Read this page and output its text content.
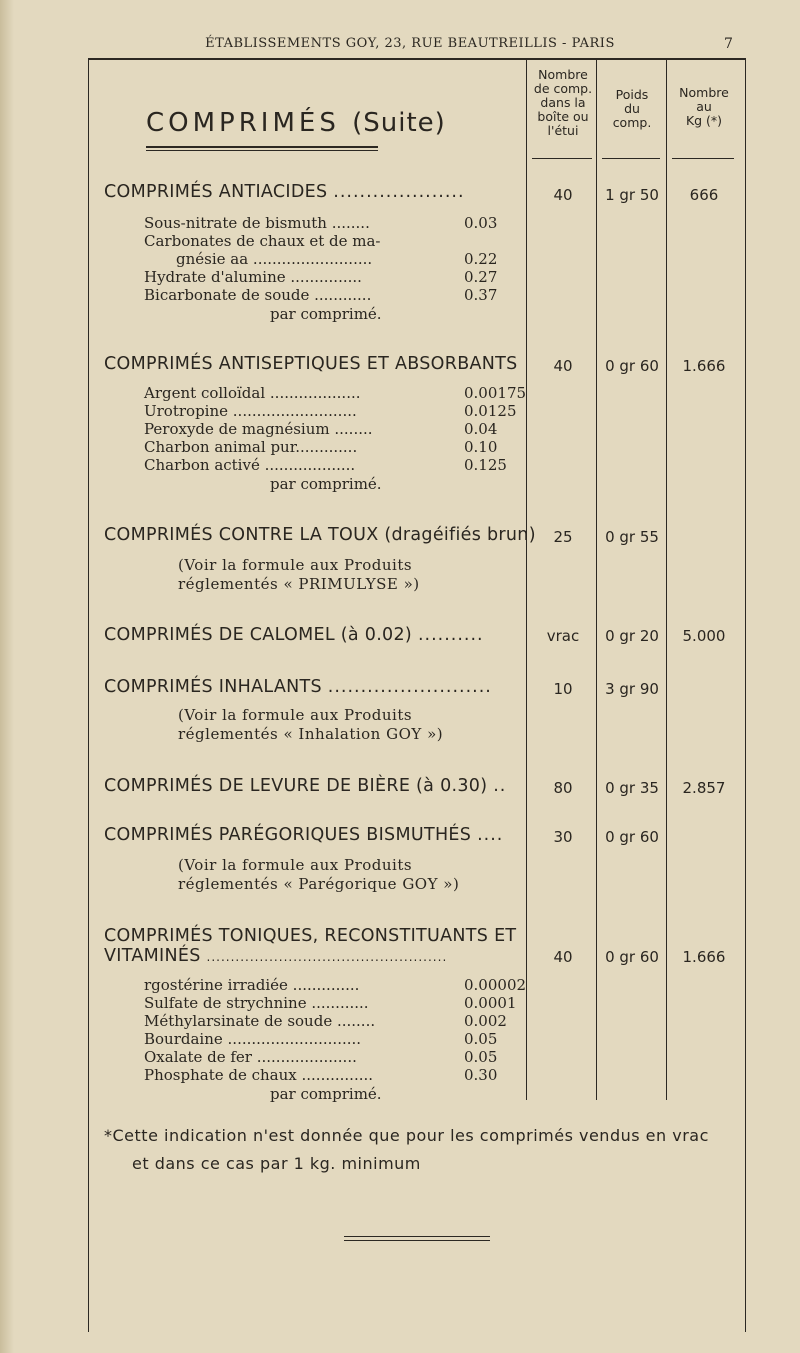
ÉTABLISSEMENTS GOY, 23, RUE BEAUTREILLIS - PARIS	7
Nombre
de comp.
dans la
boîte ou
l'étui
Poids
du
comp.
Nombre
au
Kg (*)
COMPRIMÉS (Suite)
COMPRIMÉS ANTIACIDES ....................	40	1 gr 50	666
Sous-nitrate de bismuth ........	0.03
Carbonates de chaux et de ma-
gnésie aa .........................	0.22
Hydrate d'alumine ...............	0.27
Bicarbonate de soude ............	0.37
par comprimé.
COMPRIMÉS ANTISEPTIQUES ET ABSORBANTS	40	0 gr 60	1.666
Argent colloïdal ...................	0.00175
Urotropine ..........................	0.0125
Peroxyde de magnésium ........	0.04
Charbon animal pur.............	0.10
Charbon activé ...................	0.125
par comprimé.
COMPRIMÉS CONTRE LA TOUX (dragéifiés brun)	25	0 gr 55
(Voir la formule aux Produits
réglementés « PRIMULYSE »)
COMPRIMÉS DE CALOMEL (à 0.02) ..........	vrac	0 gr 20	5.000
COMPRIMÉS INHALANTS .........................	10	3 gr 90
(Voir la formule aux Produits
réglementés « Inhalation GOY »)
COMPRIMÉS DE LEVURE DE BIÈRE (à 0.30) ..	80	0 gr 35	2.857
COMPRIMÉS PARÉGORIQUES BISMUTHÉS ....	30	0 gr 60
(Voir la formule aux Produits
réglementés « Parégorique GOY »)
COMPRIMÉS TONIQUES, RECONSTITUANTS ET
VITAMINÉS ..................................................	40	0 gr 60	1.666
rgostérine irradiée ..............	0.00002
Sulfate de strychnine ............	0.0001
Méthylarsinate de soude ........	0.002
Bourdaine ............................	0.05
Oxalate de fer .....................	0.05
Phosphate de chaux ...............	0.30
par comprimé.
*Cette indication n'est donnée que pour les comprimés vendus en vrac
et dans ce cas par 1 kg. minimum
